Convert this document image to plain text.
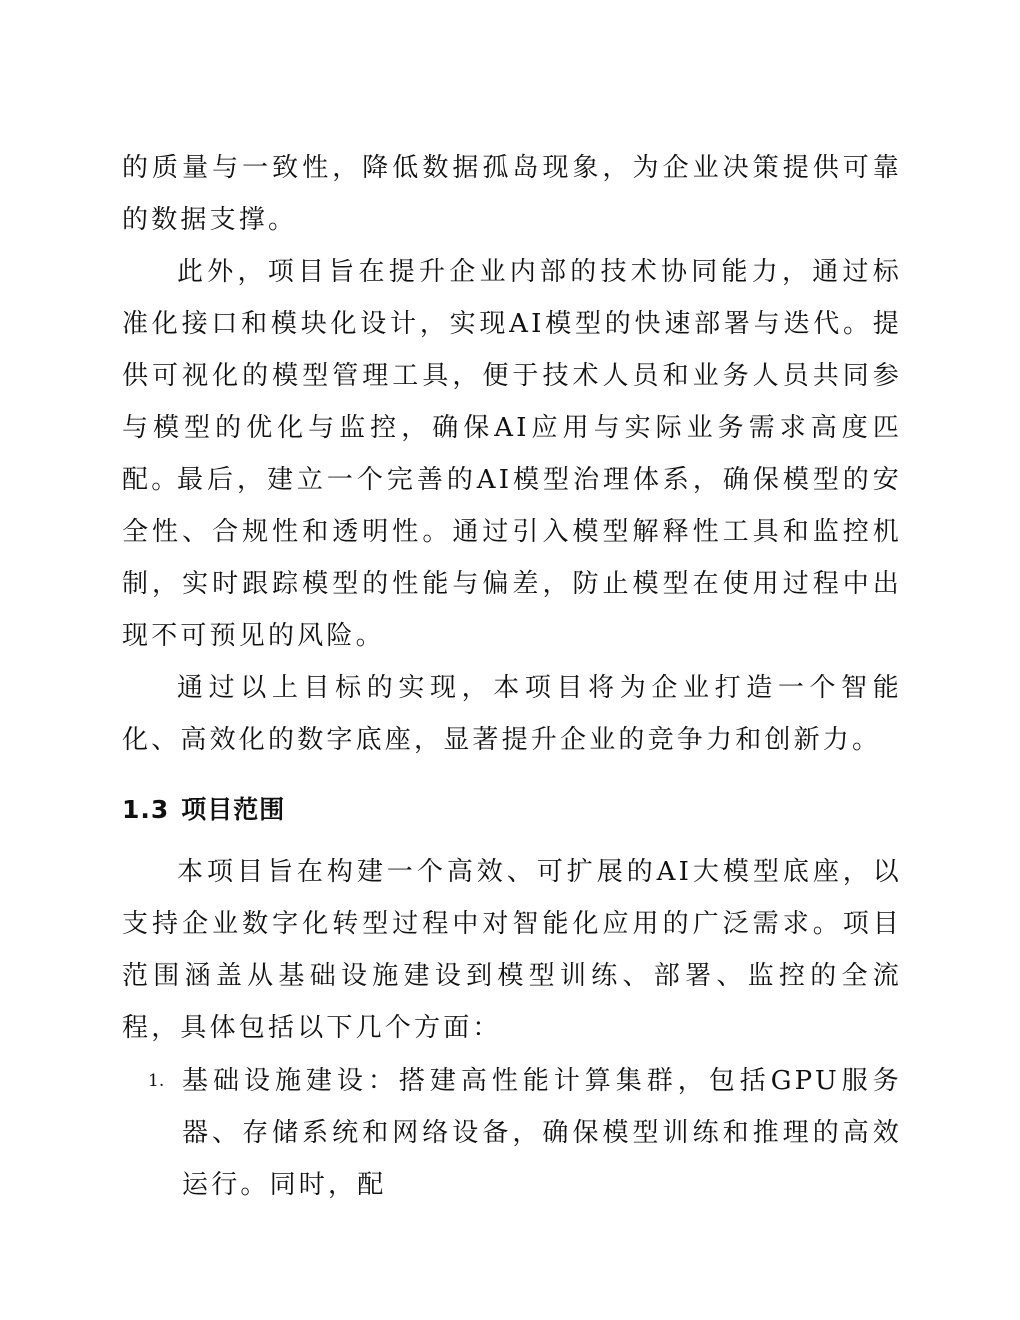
的质量与一致性，降低数据孤岛现象，为企业决策提供可靠的数据支撑。

此外，项目旨在提升企业内部的技术协同能力，通过标准化接口和模块化设计，实现AI模型的快速部署与迭代。提供可视化的模型管理工具，便于技术人员和业务人员共同参与模型的优化与监控，确保AI应用与实际业务需求高度匹配。

最后，建立一个完善的AI模型治理体系，确保模型的安全性、合规性和透明性。通过引入模型解释性工具和监控机制，实时跟踪模型的性能与偏差，防止模型在使用过程中出现不可预见的风险。

通过以上目标的实现，本项目将为企业打造一个智能化、高效化的数字底座，显著提升企业的竞争力和创新力。

1.3 项目范围

本项目旨在构建一个高效、可扩展的AI大模型底座，以支持企业数字化转型过程中对智能化应用的广泛需求。项目范围涵盖从基础设施建设到模型训练、部署、监控的全流程，具体包括以下几个方面：

1. 基础设施建设：搭建高性能计算集群，包括GPU服务器、存储系统和网络设备，确保模型训练和推理的高效运行。同时，配
